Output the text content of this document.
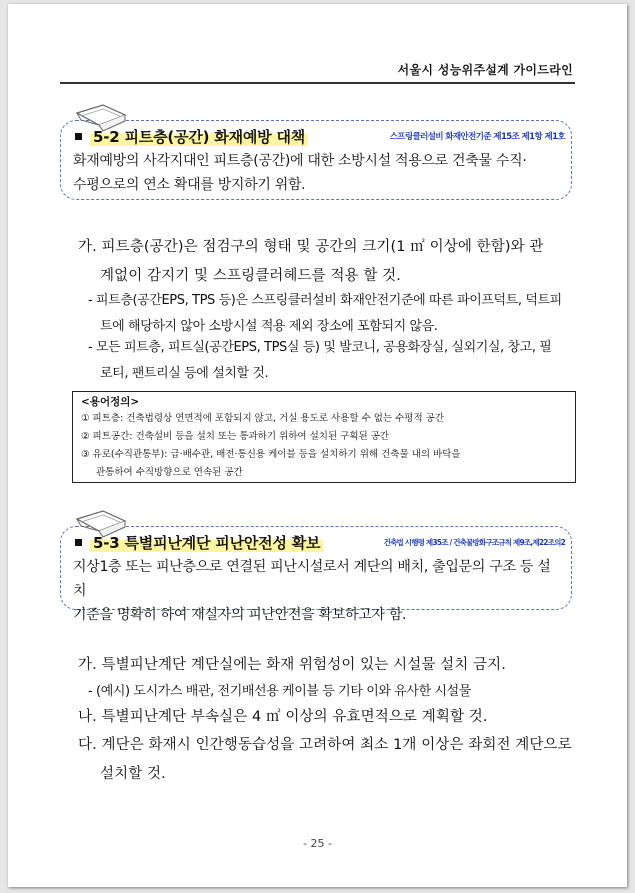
서울시 성능위주설계 가이드라인
5-2 피트층(공간) 화재예방 대책	스프링클러설비 화재안전기준 제15조 제1항 제1호
화재예방의 사각지대인 피트층(공간)에 대한 소방시설 적용으로 건축물 수직·
수평으로의 연소 확대를 방지하기 위함.
가. 피트층(공간)은 점검구의 형태 및 공간의 크기(1 ㎡ 이상에 한함)와 관
계없이 감지기 및 스프링클러헤드를 적용 할 것.
- 피트층(공간EPS, TPS 등)은 스프링클러설비 화재안전기준에 따른 파이프덕트, 덕트피
트에 해당하지 않아 소방시설 적용 제외 장소에 포함되지 않음.
- 모든 피트층, 피트실(공간EPS, TPS실 등) 및 발코니, 공용화장실, 실외기실, 창고, 필
로티, 팬트리실 등에 설치할 것.
<용어정의>
① 피트층: 건축법령상 연면적에 포함되지 않고, 거실 용도로 사용할 수 없는 수평적 공간
② 피트공간: 건축설비 등을 설치 또는 통과하기 위하여 설치된 구획된 공간
③ 유로(수직관통부): 급·배수관, 배전·통신용 케이블 등을 설치하기 위해 건축물 내의 바닥을
관통하여 수직방향으로 연속된 공간
5-3 특별피난계단 피난안전성 확보	건축법 시행령 제35조 / 건축물방화구조규칙 제9조,제22조의2
지상1층 또는 피난층으로 연결된 피난시설로서 계단의 배치, 출입문의 구조 등 설치
기준을 명확히 하여 재실자의 피난안전을 확보하고자 함.
가. 특별피난계단 계단실에는 화재 위험성이 있는 시설물 설치 금지.
- (예시) 도시가스 배관, 전기배선용 케이블 등 기타 이와 유사한 시설물
나. 특별피난계단 부속실은 4 ㎡ 이상의 유효면적으로 계획할 것.
다. 계단은 화재시 인간행동습성을 고려하여 최소 1개 이상은 좌회전 계단으로
설치할 것.
- 25 -
